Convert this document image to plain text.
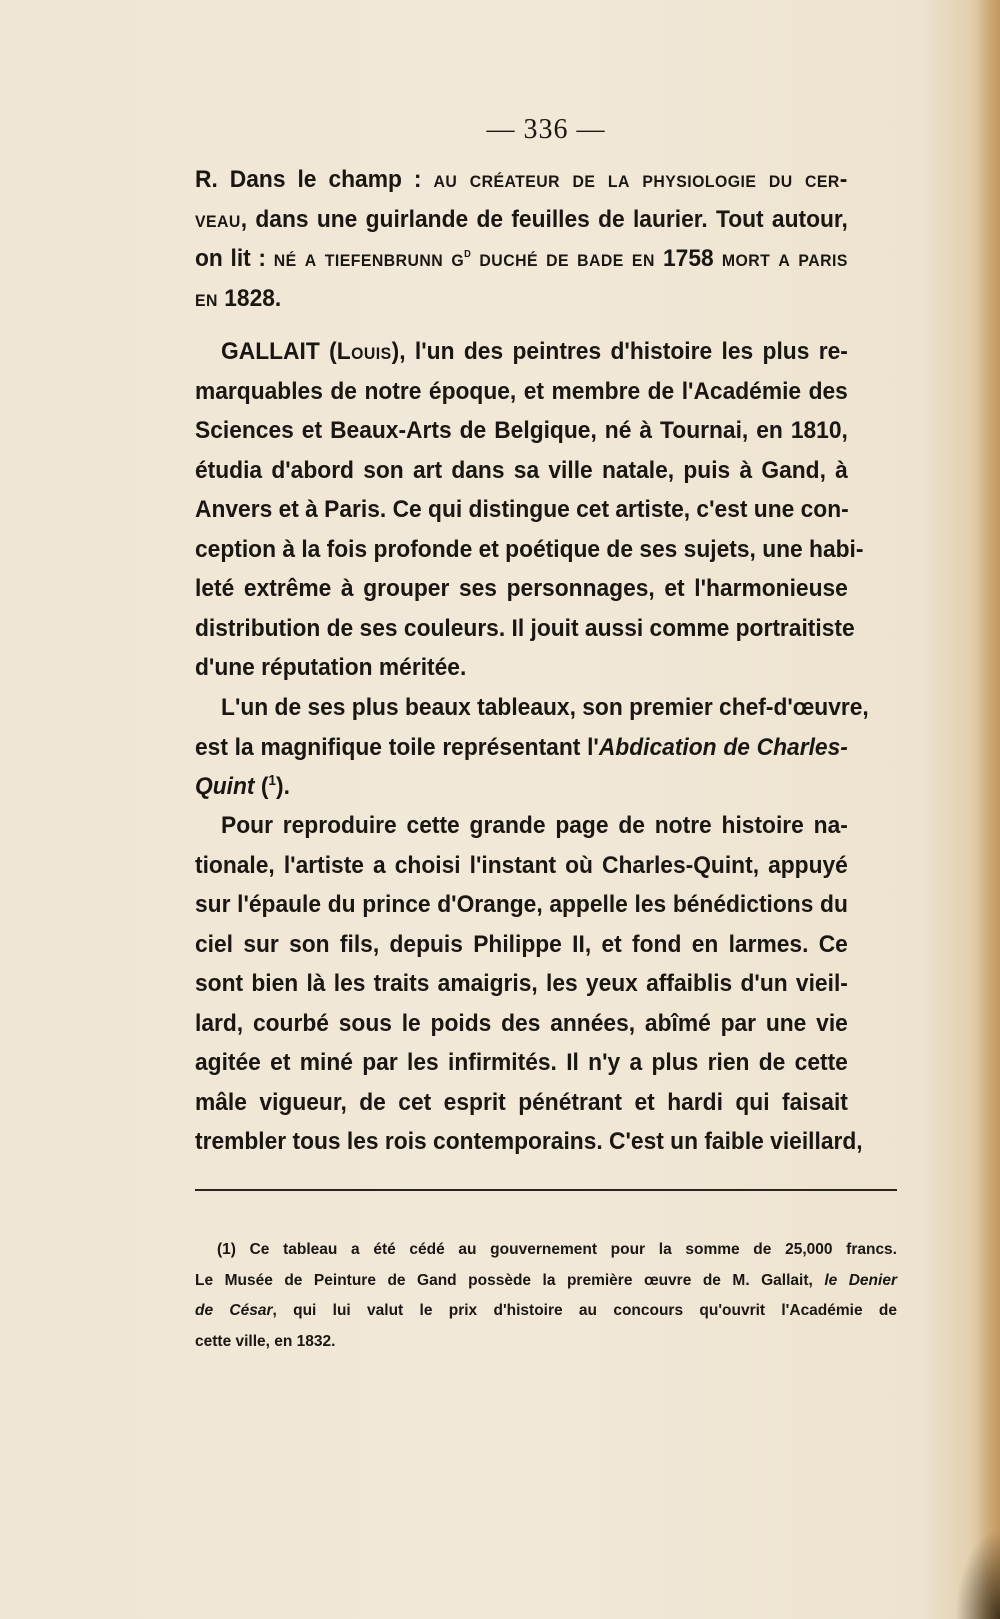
— 336 —
R. Dans le champ : au créateur de la physiologie du cer-
veau, dans une guirlande de feuilles de laurier. Tout autour,
on lit : né a tiefenbrunn $g^d$ duché de bade en 1758 mort a paris
en 1828.
GALLAIT (Louis), l'un des peintres d'histoire les plus re-
marquables de notre époque, et membre de l'Académie des
Sciences et Beaux-Arts de Belgique, né à Tournai, en 1810,
étudia d'abord son art dans sa ville natale, puis à Gand, à
Anvers et à Paris. Ce qui distingue cet artiste, c'est une con-
ception à la fois profonde et poétique de ses sujets, une habi-
leté extrême à grouper ses personnages, et l'harmonieuse
distribution de ses couleurs. Il jouit aussi comme portraitiste
d'une réputation méritée.
L'un de ses plus beaux tableaux, son premier chef-d'œuvre,
est la magnifique toile représentant l'Abdication de Charles-
Quint ($^1$).
Pour reproduire cette grande page de notre histoire na-
tionale, l'artiste a choisi l'instant où Charles-Quint, appuyé
sur l'épaule du prince d'Orange, appelle les bénédictions du
ciel sur son fils, depuis Philippe II, et fond en larmes. Ce
sont bien là les traits amaigris, les yeux affaiblis d'un vieil-
lard, courbé sous le poids des années, abîmé par une vie
agitée et miné par les infirmités. Il n'y a plus rien de cette
mâle vigueur, de cet esprit pénétrant et hardi qui faisait
trembler tous les rois contemporains. C'est un faible vieillard,
(1) Ce tableau a été cédé au gouvernement pour la somme de 25,000 francs.
Le Musée de Peinture de Gand possède la première œuvre de M. Gallait, le Denier
de César, qui lui valut le prix d'histoire au concours qu'ouvrit l'Académie de
cette ville, en 1832.
